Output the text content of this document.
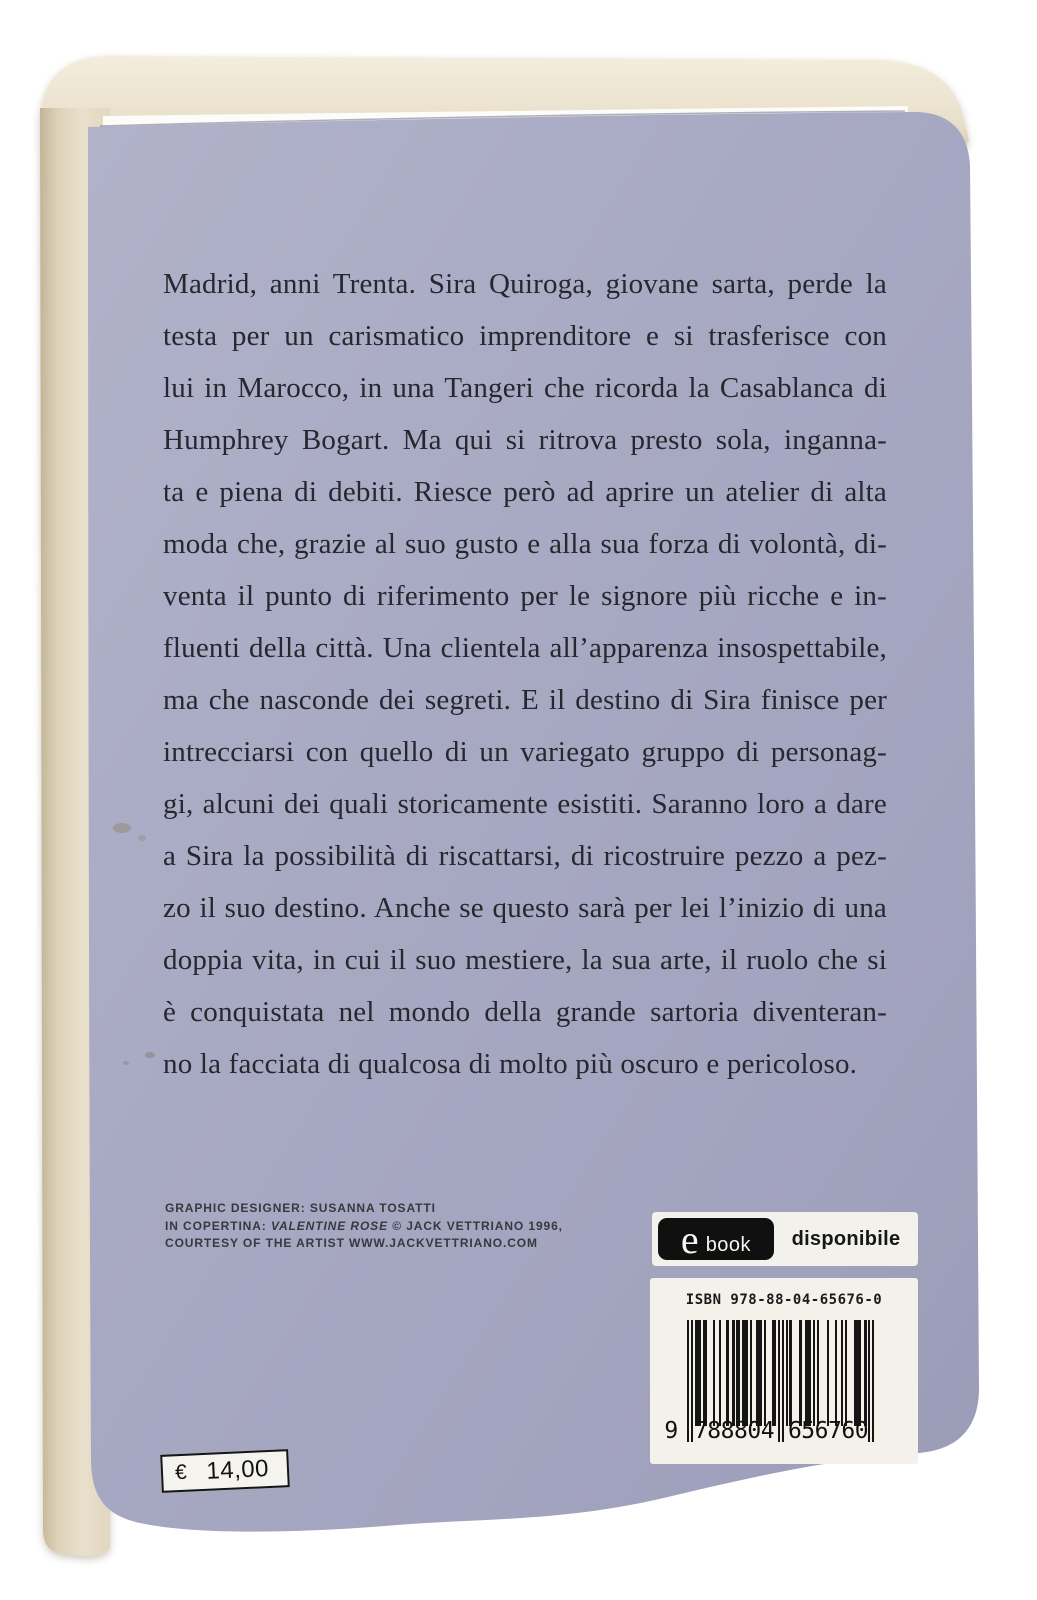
Madrid, anni Trenta. Sira Quiroga, giovane sarta, perde la
testa per un carismatico imprenditore e si trasferisce con
lui in Marocco, in una Tangeri che ricorda la Casablanca di
Humphrey Bogart. Ma qui si ritrova presto sola, inganna-
ta e piena di debiti. Riesce però ad aprire un atelier di alta
moda che, grazie al suo gusto e alla sua forza di volontà, di-
venta il punto di riferimento per le signore più ricche e in-
fluenti della città. Una clientela all’apparenza insospettabile,
ma che nasconde dei segreti. E il destino di Sira finisce per
intrecciarsi con quello di un variegato gruppo di personag-
gi, alcuni dei quali storicamente esistiti. Saranno loro a dare
a Sira la possibilità di riscattarsi, di ricostruire pezzo a pez-
zo il suo destino. Anche se questo sarà per lei l’inizio di una
doppia vita, in cui il suo mestiere, la sua arte, il ruolo che si
è conquistata nel mondo della grande sartoria diventeran-
no la facciata di qualcosa di molto più oscuro e pericoloso.
GRAPHIC DESIGNER: SUSANNA TOSATTI
IN COPERTINA: VALENTINE ROSE © JACK VETTRIANO 1996,
COURTESY OF THE ARTIST WWW.JACKVETTRIANO.COM	e book	disponibile
ISBN 978-88-04-65676-0
9 788804 656760
€ 14,00
